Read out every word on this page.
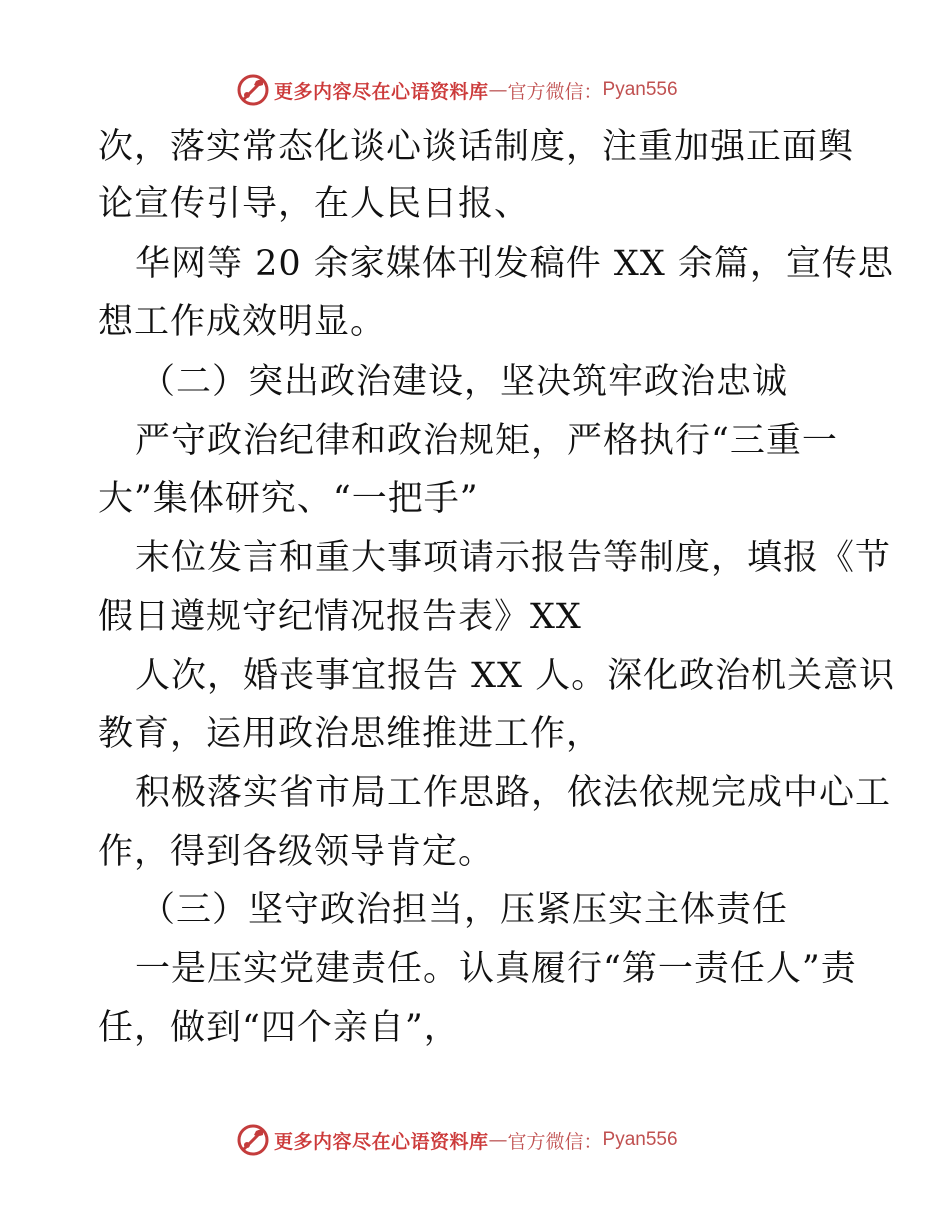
更多内容尽在心语资料库 — 官方微信： Pyan556
次，落实常态化谈心谈话制度，注重加强正面舆
论宣传引导，在人民日报、
华网等 20 余家媒体刊发稿件 XX 余篇，宣传思
想工作成效明显。
（二）突出政治建设，坚决筑牢政治忠诚
严守政治纪律和政治规矩，严格执行“三重一
大”集体研究、“一把手”
末位发言和重大事项请示报告等制度，填报《节
假日遵规守纪情况报告表》XX
人次，婚丧事宜报告 XX 人。深化政治机关意识
教育，运用政治思维推进工作，
积极落实省市局工作思路，依法依规完成中心工
作，得到各级领导肯定。
（三）坚守政治担当，压紧压实主体责任
一是压实党建责任。认真履行“第一责任人”责
任，做到“四个亲自”，
更多内容尽在心语资料库 — 官方微信： Pyan556
